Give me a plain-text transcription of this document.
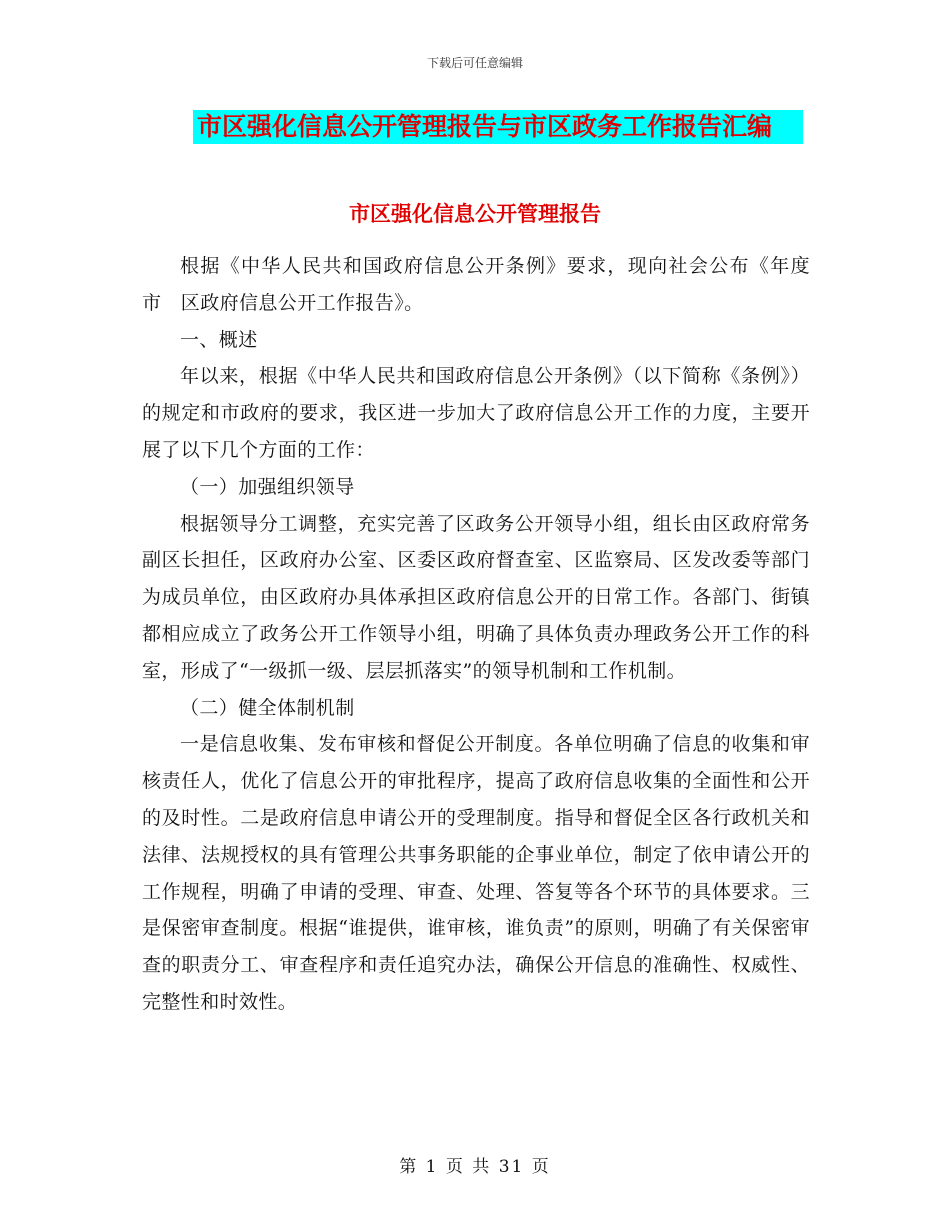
下载后可任意编辑
市区强化信息公开管理报告与市区政务工作报告汇编
市区强化信息公开管理报告

根据《中华人民共和国政府信息公开条例》要求，现向社会公布《年度　市　区政府信息公开工作报告》。

一、概述

年以来，根据《中华人民共和国政府信息公开条例》（以下简称《条例》）的规定和市政府的要求，我区进一步加大了政府信息公开工作的力度，主要开展了以下几个方面的工作：

（一）加强组织领导

根据领导分工调整，充实完善了区政务公开领导小组，组长由区政府常务副区长担任，区政府办公室、区委区政府督查室、区监察局、区发改委等部门为成员单位，由区政府办具体承担区政府信息公开的日常工作。各部门、街镇都相应成立了政务公开工作领导小组，明确了具体负责办理政务公开工作的科室，形成了“一级抓一级、层层抓落实”的领导机制和工作机制。

（二）健全体制机制

一是信息收集、发布审核和督促公开制度。各单位明确了信息的收集和审核责任人，优化了信息公开的审批程序，提高了政府信息收集的全面性和公开的及时性。二是政府信息申请公开的受理制度。指导和督促全区各行政机关和法律、法规授权的具有管理公共事务职能的企事业单位，制定了依申请公开的工作规程，明确了申请的受理、审查、处理、答复等各个环节的具体要求。三是保密审查制度。根据“谁提供，谁审核，谁负责”的原则，明确了有关保密审查的职责分工、审查程序和责任追究办法，确保公开信息的准确性、权威性、完整性和时效性。

第 1 页 共 31 页
